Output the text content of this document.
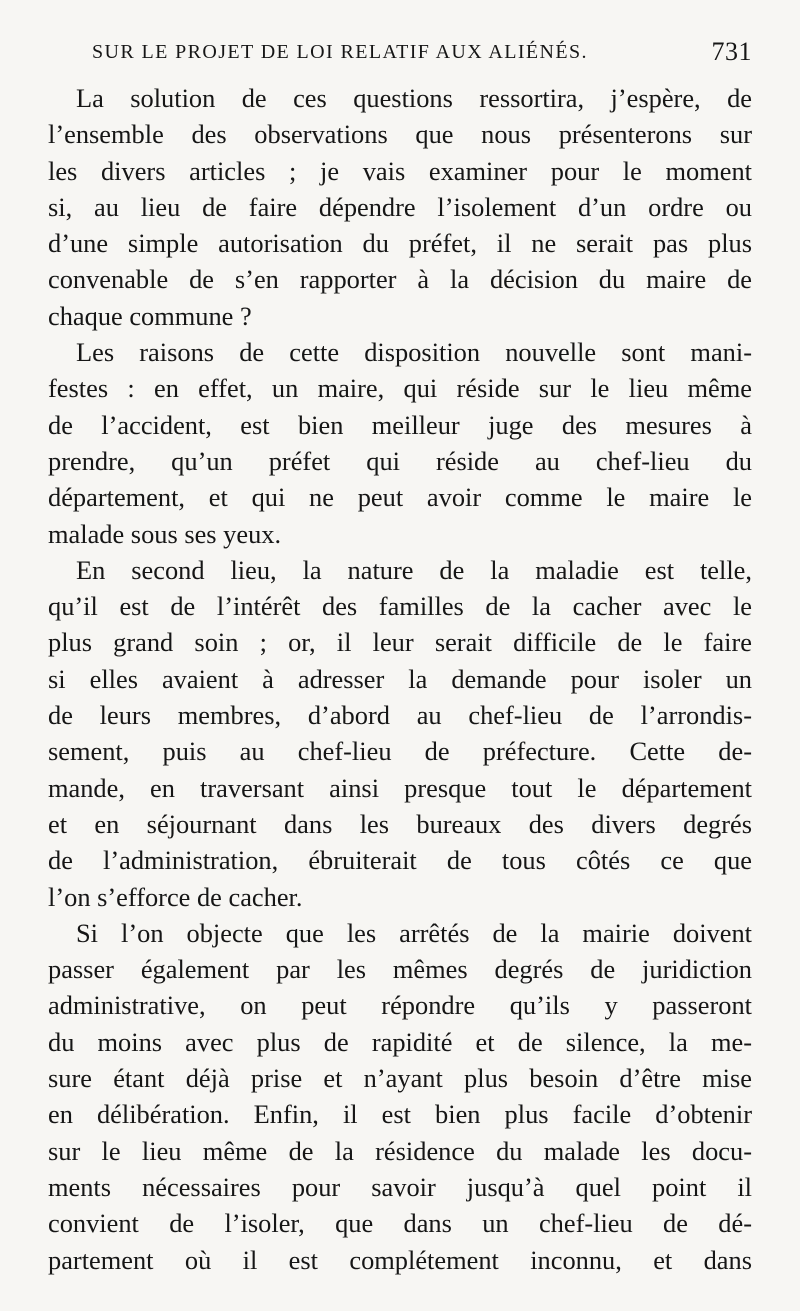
SUR LE PROJET DE LOI RELATIF AUX ALIÉNÉS.	731
La solution de ces questions ressortira, j’espère, de
l’ensemble des observations que nous présenterons sur
les divers articles ; je vais examiner pour le moment
si, au lieu de faire dépendre l’isolement d’un ordre ou
d’une simple autorisation du préfet, il ne serait pas plus
convenable de s’en rapporter à la décision du maire de
chaque commune ?
Les raisons de cette disposition nouvelle sont mani-
festes : en effet, un maire, qui réside sur le lieu même
de l’accident, est bien meilleur juge des mesures à
prendre, qu’un préfet qui réside au chef-lieu du
département, et qui ne peut avoir comme le maire le
malade sous ses yeux.
En second lieu, la nature de la maladie est telle,
qu’il est de l’intérêt des familles de la cacher avec le
plus grand soin ; or, il leur serait difficile de le faire
si elles avaient à adresser la demande pour isoler un
de leurs membres, d’abord au chef-lieu de l’arrondis-
sement, puis au chef-lieu de préfecture. Cette de-
mande, en traversant ainsi presque tout le département
et en séjournant dans les bureaux des divers degrés
de l’administration, ébruiterait de tous côtés ce que
l’on s’efforce de cacher.
Si l’on objecte que les arrêtés de la mairie doivent
passer également par les mêmes degrés de juridiction
administrative, on peut répondre qu’ils y passeront
du moins avec plus de rapidité et de silence, la me-
sure étant déjà prise et n’ayant plus besoin d’être mise
en délibération. Enfin, il est bien plus facile d’obtenir
sur le lieu même de la résidence du malade les docu-
ments nécessaires pour savoir jusqu’à quel point il
convient de l’isoler, que dans un chef-lieu de dé-
partement où il est complétement inconnu, et dans
